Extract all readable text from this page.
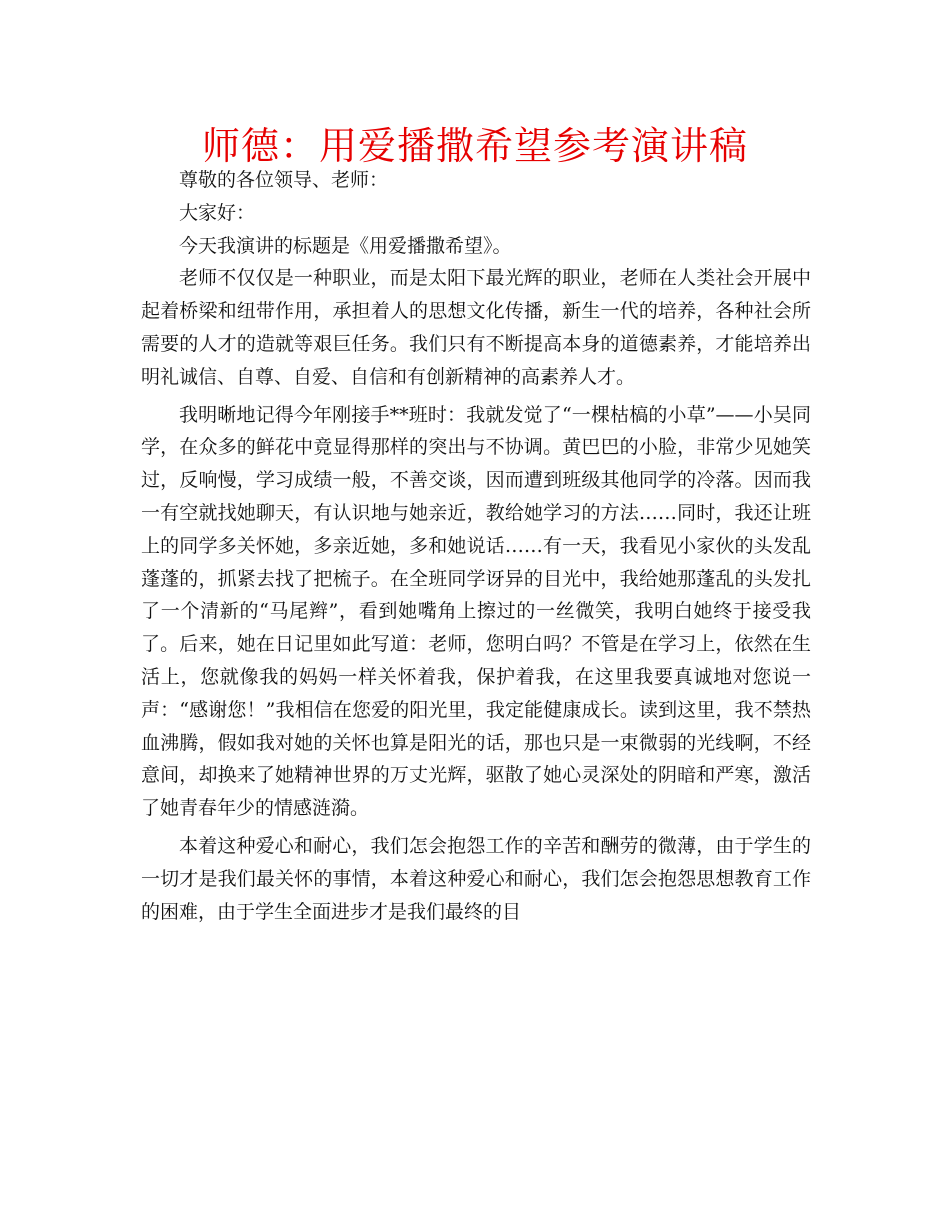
师德：用爱播撒希望参考演讲稿

尊敬的各位领导、老师：

大家好：

今天我演讲的标题是《用爱播撒希望》。

老师不仅仅是一种职业，而是太阳下最光辉的职业，老师在人类社会开展中起着桥梁和纽带作用，承担着人的思想文化传播，新生一代的培养，各种社会所需要的人才的造就等艰巨任务。我们只有不断提高本身的道德素养，才能培养出明礼诚信、自尊、自爱、自信和有创新精神的高素养人才。

我明晰地记得今年刚接手**班时：我就发觉了“一棵枯槁的小草”——小吴同学，在众多的鲜花中竟显得那样的突出与不协调。黄巴巴的小脸，非常少见她笑过，反响慢，学习成绩一般，不善交谈，因而遭到班级其他同学的冷落。因而我一有空就找她聊天，有认识地与她亲近，教给她学习的方法……同时，我还让班上的同学多关怀她，多亲近她，多和她说话……有一天，我看见小家伙的头发乱蓬蓬的，抓紧去找了把梳子。在全班同学讶异的目光中，我给她那蓬乱的头发扎了一个清新的“马尾辫”，看到她嘴角上擦过的一丝微笑，我明白她终于接受我了。后来，她在日记里如此写道：老师，您明白吗？不管是在学习上，依然在生活上，您就像我的妈妈一样关怀着我，保护着我，在这里我要真诚地对您说一声：“感谢您！”我相信在您爱的阳光里，我定能健康成长。读到这里，我不禁热血沸腾，假如我对她的关怀也算是阳光的话，那也只是一束微弱的光线啊，不经意间，却换来了她精神世界的万丈光辉，驱散了她心灵深处的阴暗和严寒，激活了她青春年少的情感涟漪。

本着这种爱心和耐心，我们怎会抱怨工作的辛苦和酬劳的微薄，由于学生的一切才是我们最关怀的事情，本着这种爱心和耐心，我们怎会抱怨思想教育工作的困难，由于学生全面进步才是我们最终的目
